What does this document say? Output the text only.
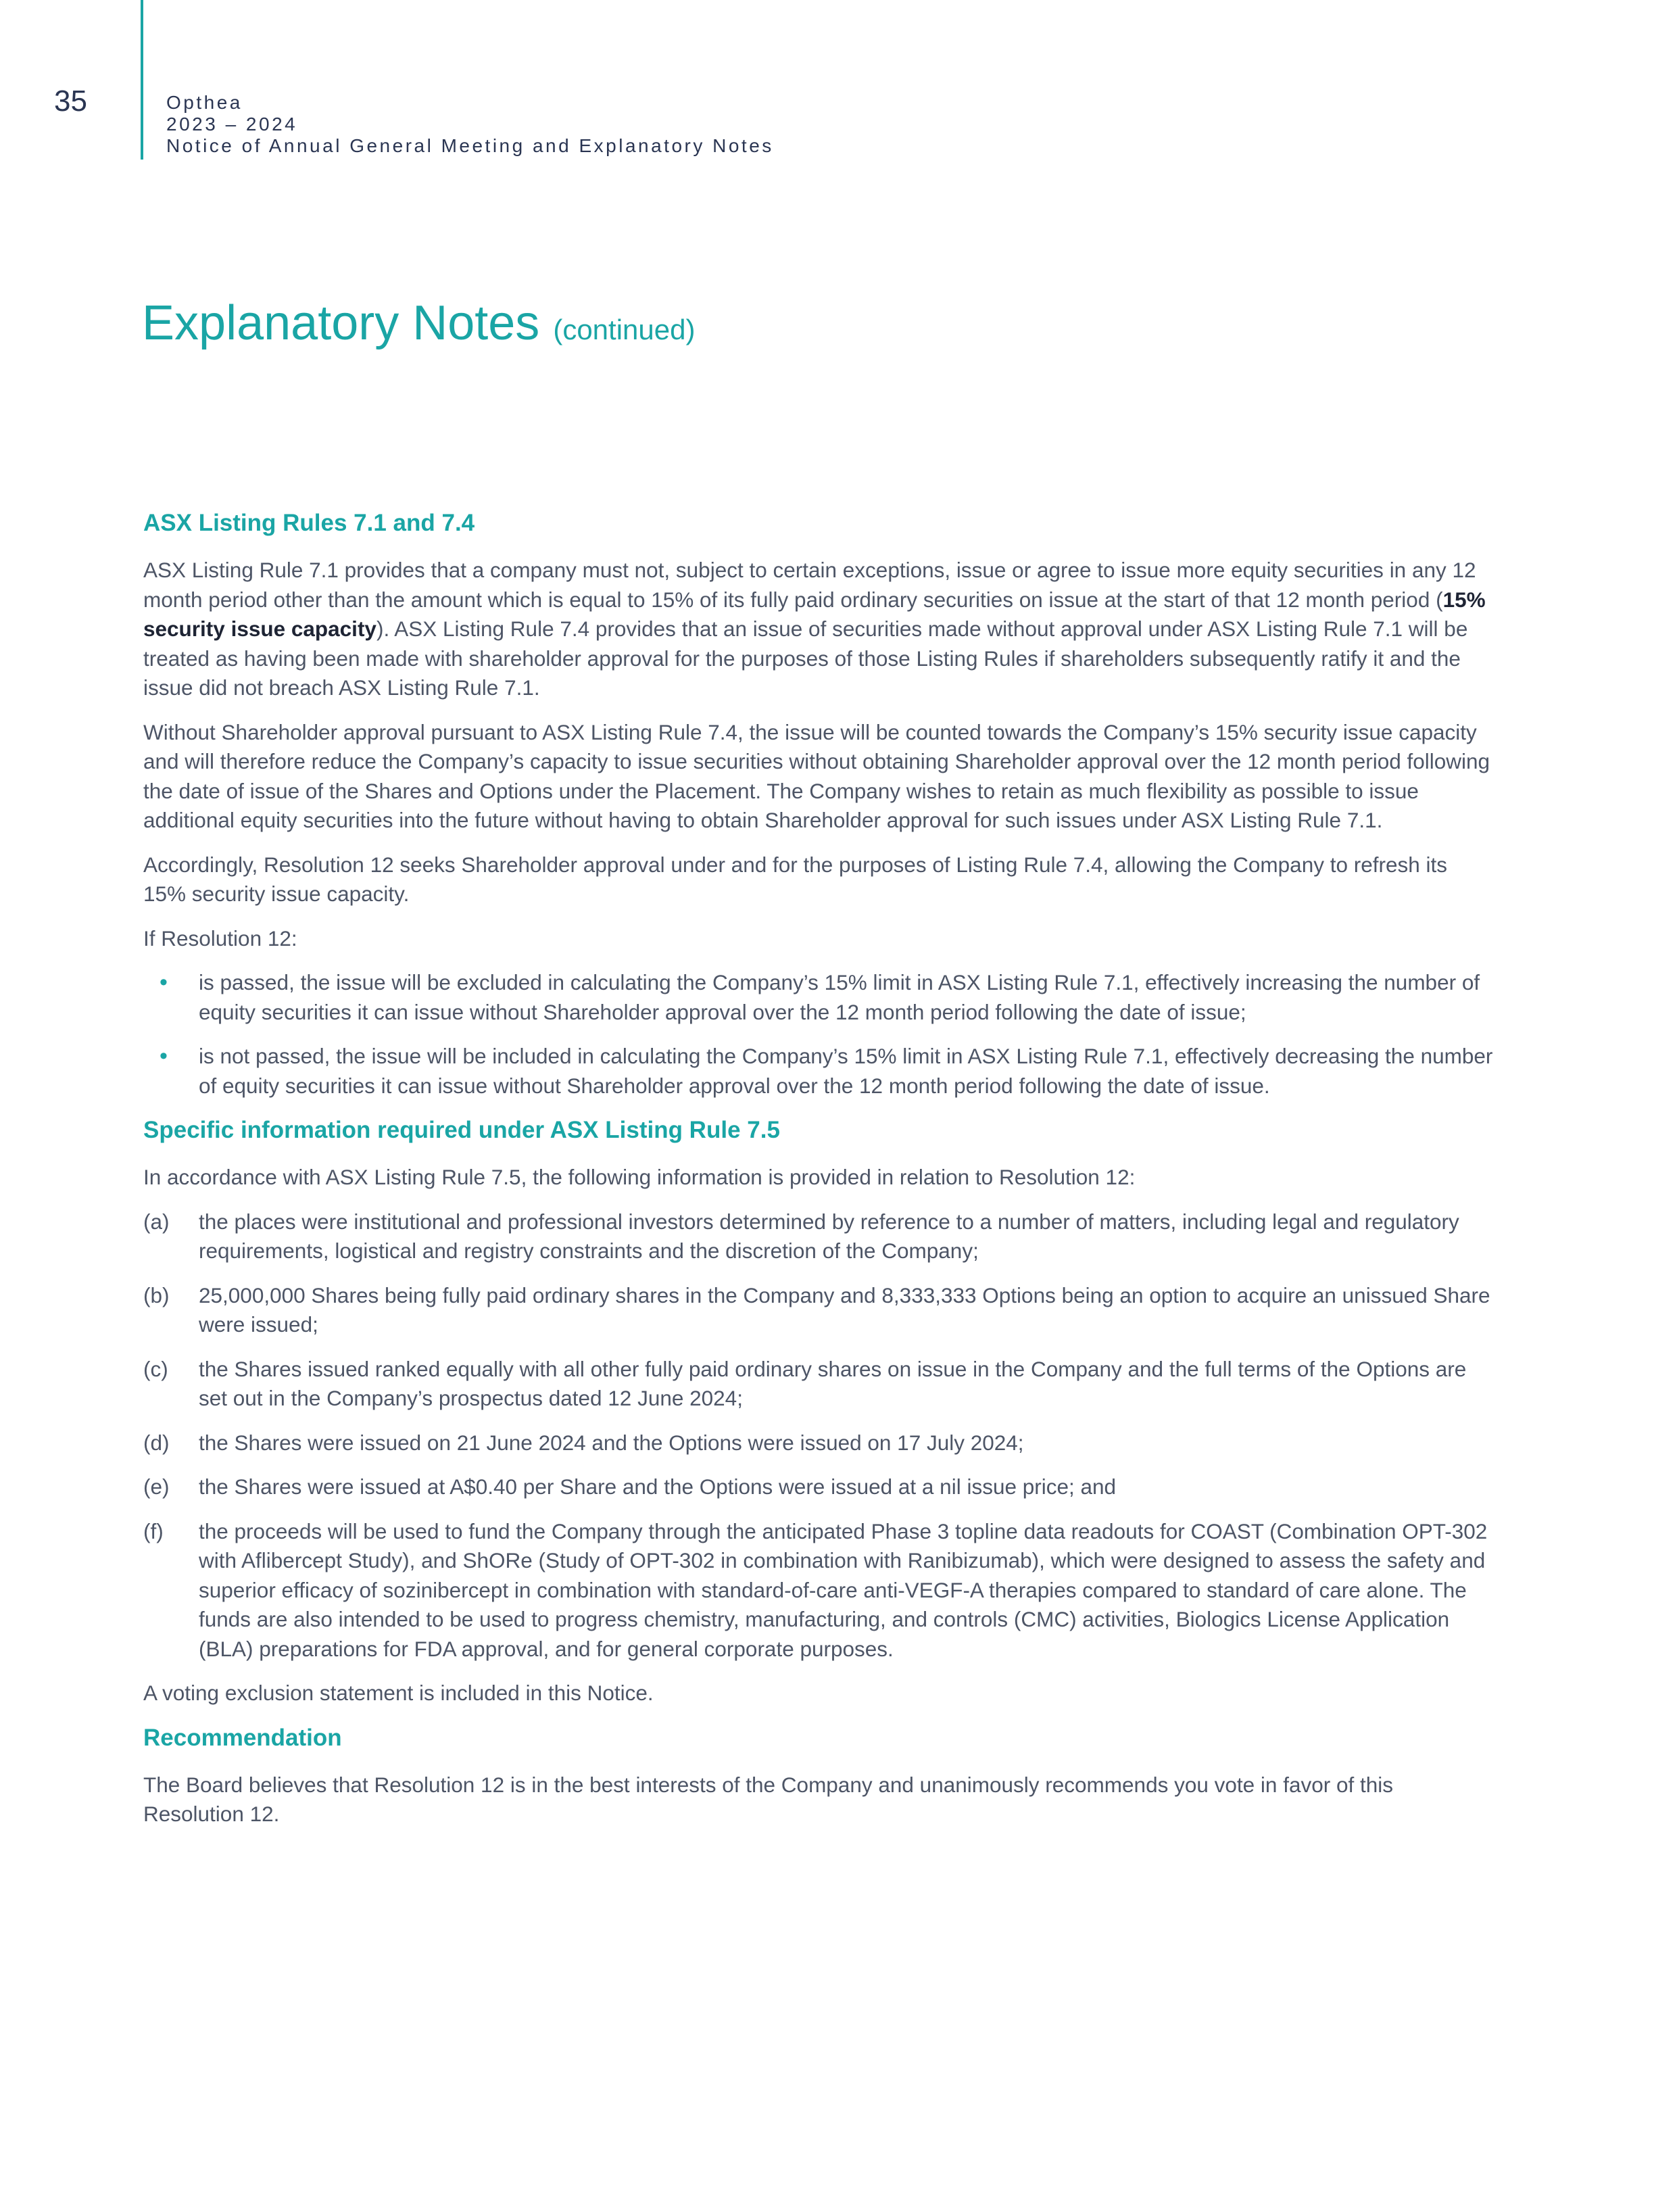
35	Opthea
2023 – 2024
Notice of Annual General Meeting and Explanatory Notes
Explanatory Notes (continued)
ASX Listing Rules 7.1 and 7.4

ASX Listing Rule 7.1 provides that a company must not, subject to certain exceptions, issue or agree to issue more equity securities in any 12 month period other than the amount which is equal to 15% of its fully paid ordinary securities on issue at the start of that 12 month period (15% security issue capacity). ASX Listing Rule 7.4 provides that an issue of securities made without approval under ASX Listing Rule 7.1 will be treated as having been made with shareholder approval for the purposes of those Listing Rules if shareholders subsequently ratify it and the issue did not breach ASX Listing Rule 7.1.

Without Shareholder approval pursuant to ASX Listing Rule 7.4, the issue will be counted towards the Company’s 15% security issue capacity and will therefore reduce the Company’s capacity to issue securities without obtaining Shareholder approval over the 12 month period following the date of issue of the Shares and Options under the Placement. The Company wishes to retain as much flexibility as possible to issue additional equity securities into the future without having to obtain Shareholder approval for such issues under ASX Listing Rule 7.1.

Accordingly, Resolution 12 seeks Shareholder approval under and for the purposes of Listing Rule 7.4, allowing the Company to refresh its 15% security issue capacity.

If Resolution 12:

• is passed, the issue will be excluded in calculating the Company’s 15% limit in ASX Listing Rule 7.1, effectively increasing the number of equity securities it can issue without Shareholder approval over the 12 month period following the date of issue;
• is not passed, the issue will be included in calculating the Company’s 15% limit in ASX Listing Rule 7.1, effectively decreasing the number of equity securities it can issue without Shareholder approval over the 12 month period following the date of issue.
Specific information required under ASX Listing Rule 7.5

In accordance with ASX Listing Rule 7.5, the following information is provided in relation to Resolution 12:

(a) the places were institutional and professional investors determined by reference to a number of matters, including legal and regulatory requirements, logistical and registry constraints and the discretion of the Company;
(b) 25,000,000 Shares being fully paid ordinary shares in the Company and 8,333,333 Options being an option to acquire an unissued Share were issued;
(c) the Shares issued ranked equally with all other fully paid ordinary shares on issue in the Company and the full terms of the Options are set out in the Company’s prospectus dated 12 June 2024;
(d) the Shares were issued on 21 June 2024 and the Options were issued on 17 July 2024;
(e) the Shares were issued at A$0.40 per Share and the Options were issued at a nil issue price; and
(f) the proceeds will be used to fund the Company through the anticipated Phase 3 topline data readouts for COAST (Combination OPT-302 with Aflibercept Study), and ShORe (Study of OPT-302 in combination with Ranibizumab), which were designed to assess the safety and superior efficacy of sozinibercept in combination with standard-of-care anti-VEGF-A therapies compared to standard of care alone. The funds are also intended to be used to progress chemistry, manufacturing, and controls (CMC) activities, Biologics License Application (BLA) preparations for FDA approval, and for general corporate purposes.

A voting exclusion statement is included in this Notice.

Recommendation

The Board believes that Resolution 12 is in the best interests of the Company and unanimously recommends you vote in favor of this Resolution 12.
